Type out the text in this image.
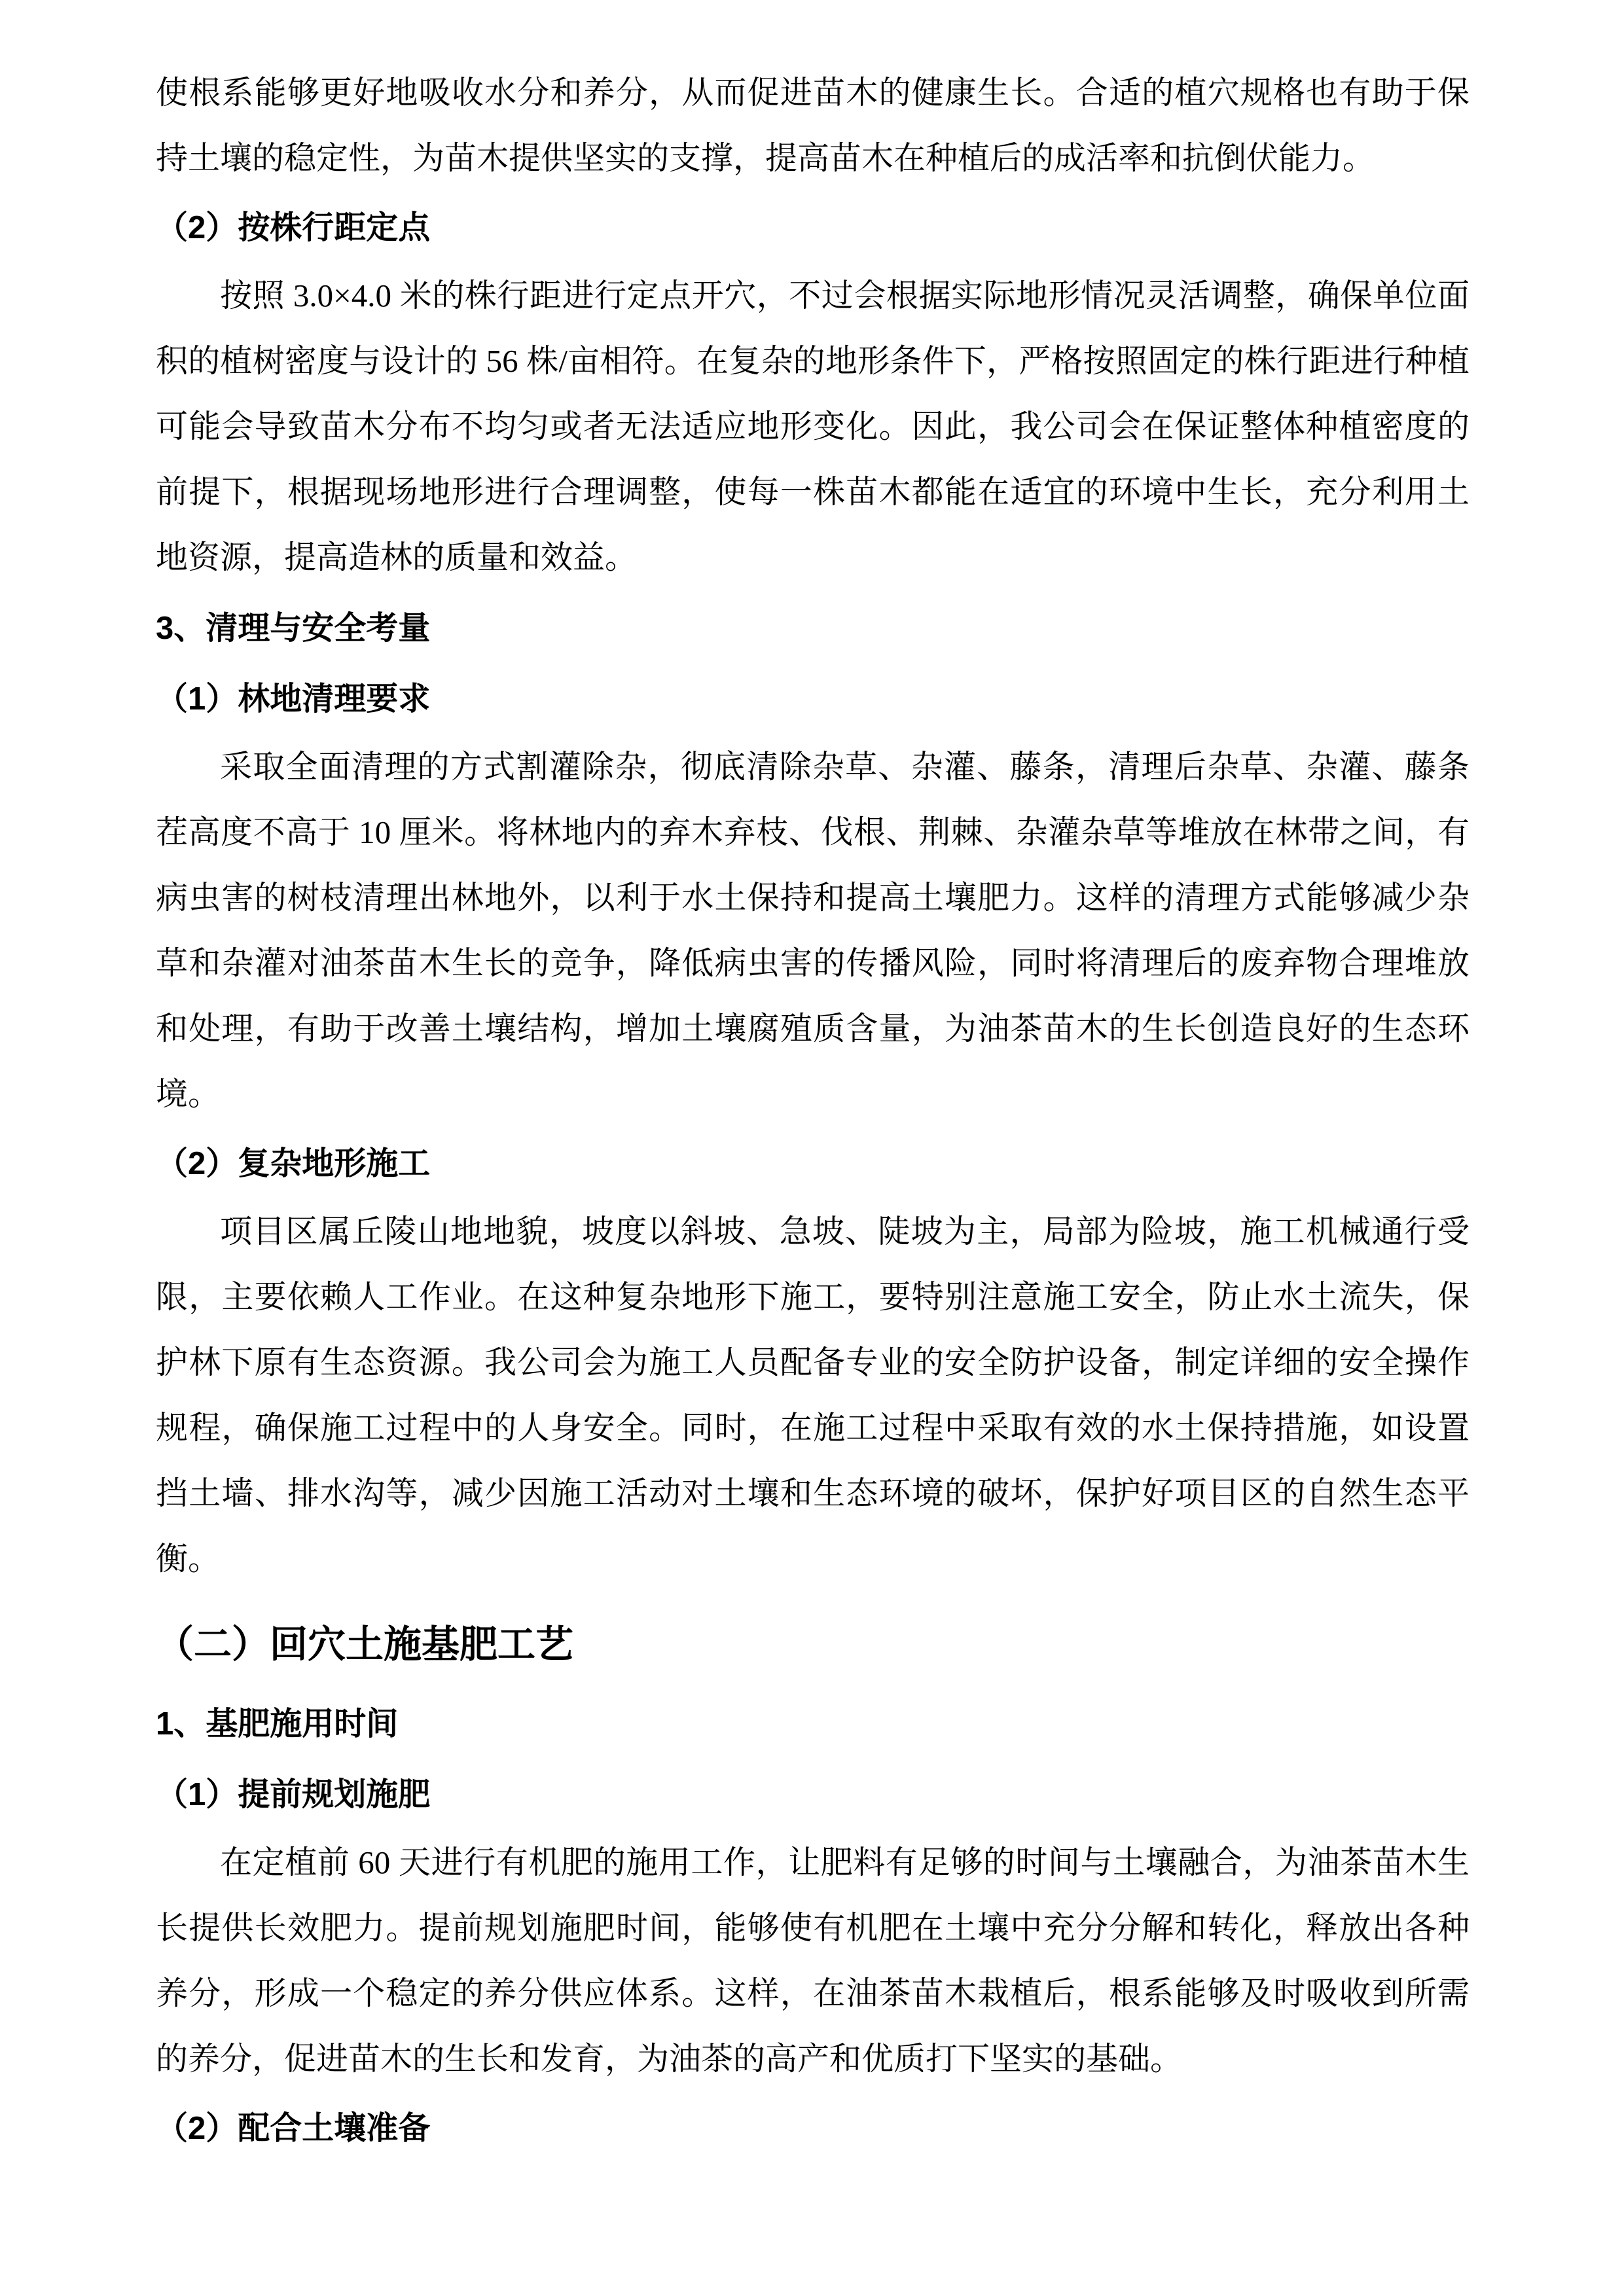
使根系能够更好地吸收水分和养分，从而促进苗木的健康生长。合适的植穴规格也有助于保持土壤的稳定性，为苗木提供坚实的支撑，提高苗木在种植后的成活率和抗倒伏能力。

（2）按株行距定点

按照 3.0×4.0 米的株行距进行定点开穴，不过会根据实际地形情况灵活调整，确保单位面积的植树密度与设计的 56 株/亩相符。在复杂的地形条件下，严格按照固定的株行距进行种植可能会导致苗木分布不均匀或者无法适应地形变化。因此，我公司会在保证整体种植密度的前提下，根据现场地形进行合理调整，使每一株苗木都能在适宜的环境中生长，充分利用土地资源，提高造林的质量和效益。

3、清理与安全考量
（1）林地清理要求

采取全面清理的方式割灌除杂，彻底清除杂草、杂灌、藤条，清理后杂草、杂灌、藤条茬高度不高于 10 厘米。将林地内的弃木弃枝、伐根、荆棘、杂灌杂草等堆放在林带之间，有病虫害的树枝清理出林地外，以利于水土保持和提高土壤肥力。这样的清理方式能够减少杂草和杂灌对油茶苗木生长的竞争，降低病虫害的传播风险，同时将清理后的废弃物合理堆放和处理，有助于改善土壤结构，增加土壤腐殖质含量，为油茶苗木的生长创造良好的生态环境。

（2）复杂地形施工

项目区属丘陵山地地貌，坡度以斜坡、急坡、陡坡为主，局部为险坡，施工机械通行受限，主要依赖人工作业。在这种复杂地形下施工，要特别注意施工安全，防止水土流失，保护林下原有生态资源。我公司会为施工人员配备专业的安全防护设备，制定详细的安全操作规程，确保施工过程中的人身安全。同时，在施工过程中采取有效的水土保持措施，如设置挡土墙、排水沟等，减少因施工活动对土壤和生态环境的破坏，保护好项目区的自然生态平衡。

（二）回穴土施基肥工艺
1、基肥施用时间
（1）提前规划施肥

在定植前 60 天进行有机肥的施用工作，让肥料有足够的时间与土壤融合，为油茶苗木生长提供长效肥力。提前规划施肥时间，能够使有机肥在土壤中充分分解和转化，释放出各种养分，形成一个稳定的养分供应体系。这样，在油茶苗木栽植后，根系能够及时吸收到所需的养分，促进苗木的生长和发育，为油茶的高产和优质打下坚实的基础。

（2）配合土壤准备
